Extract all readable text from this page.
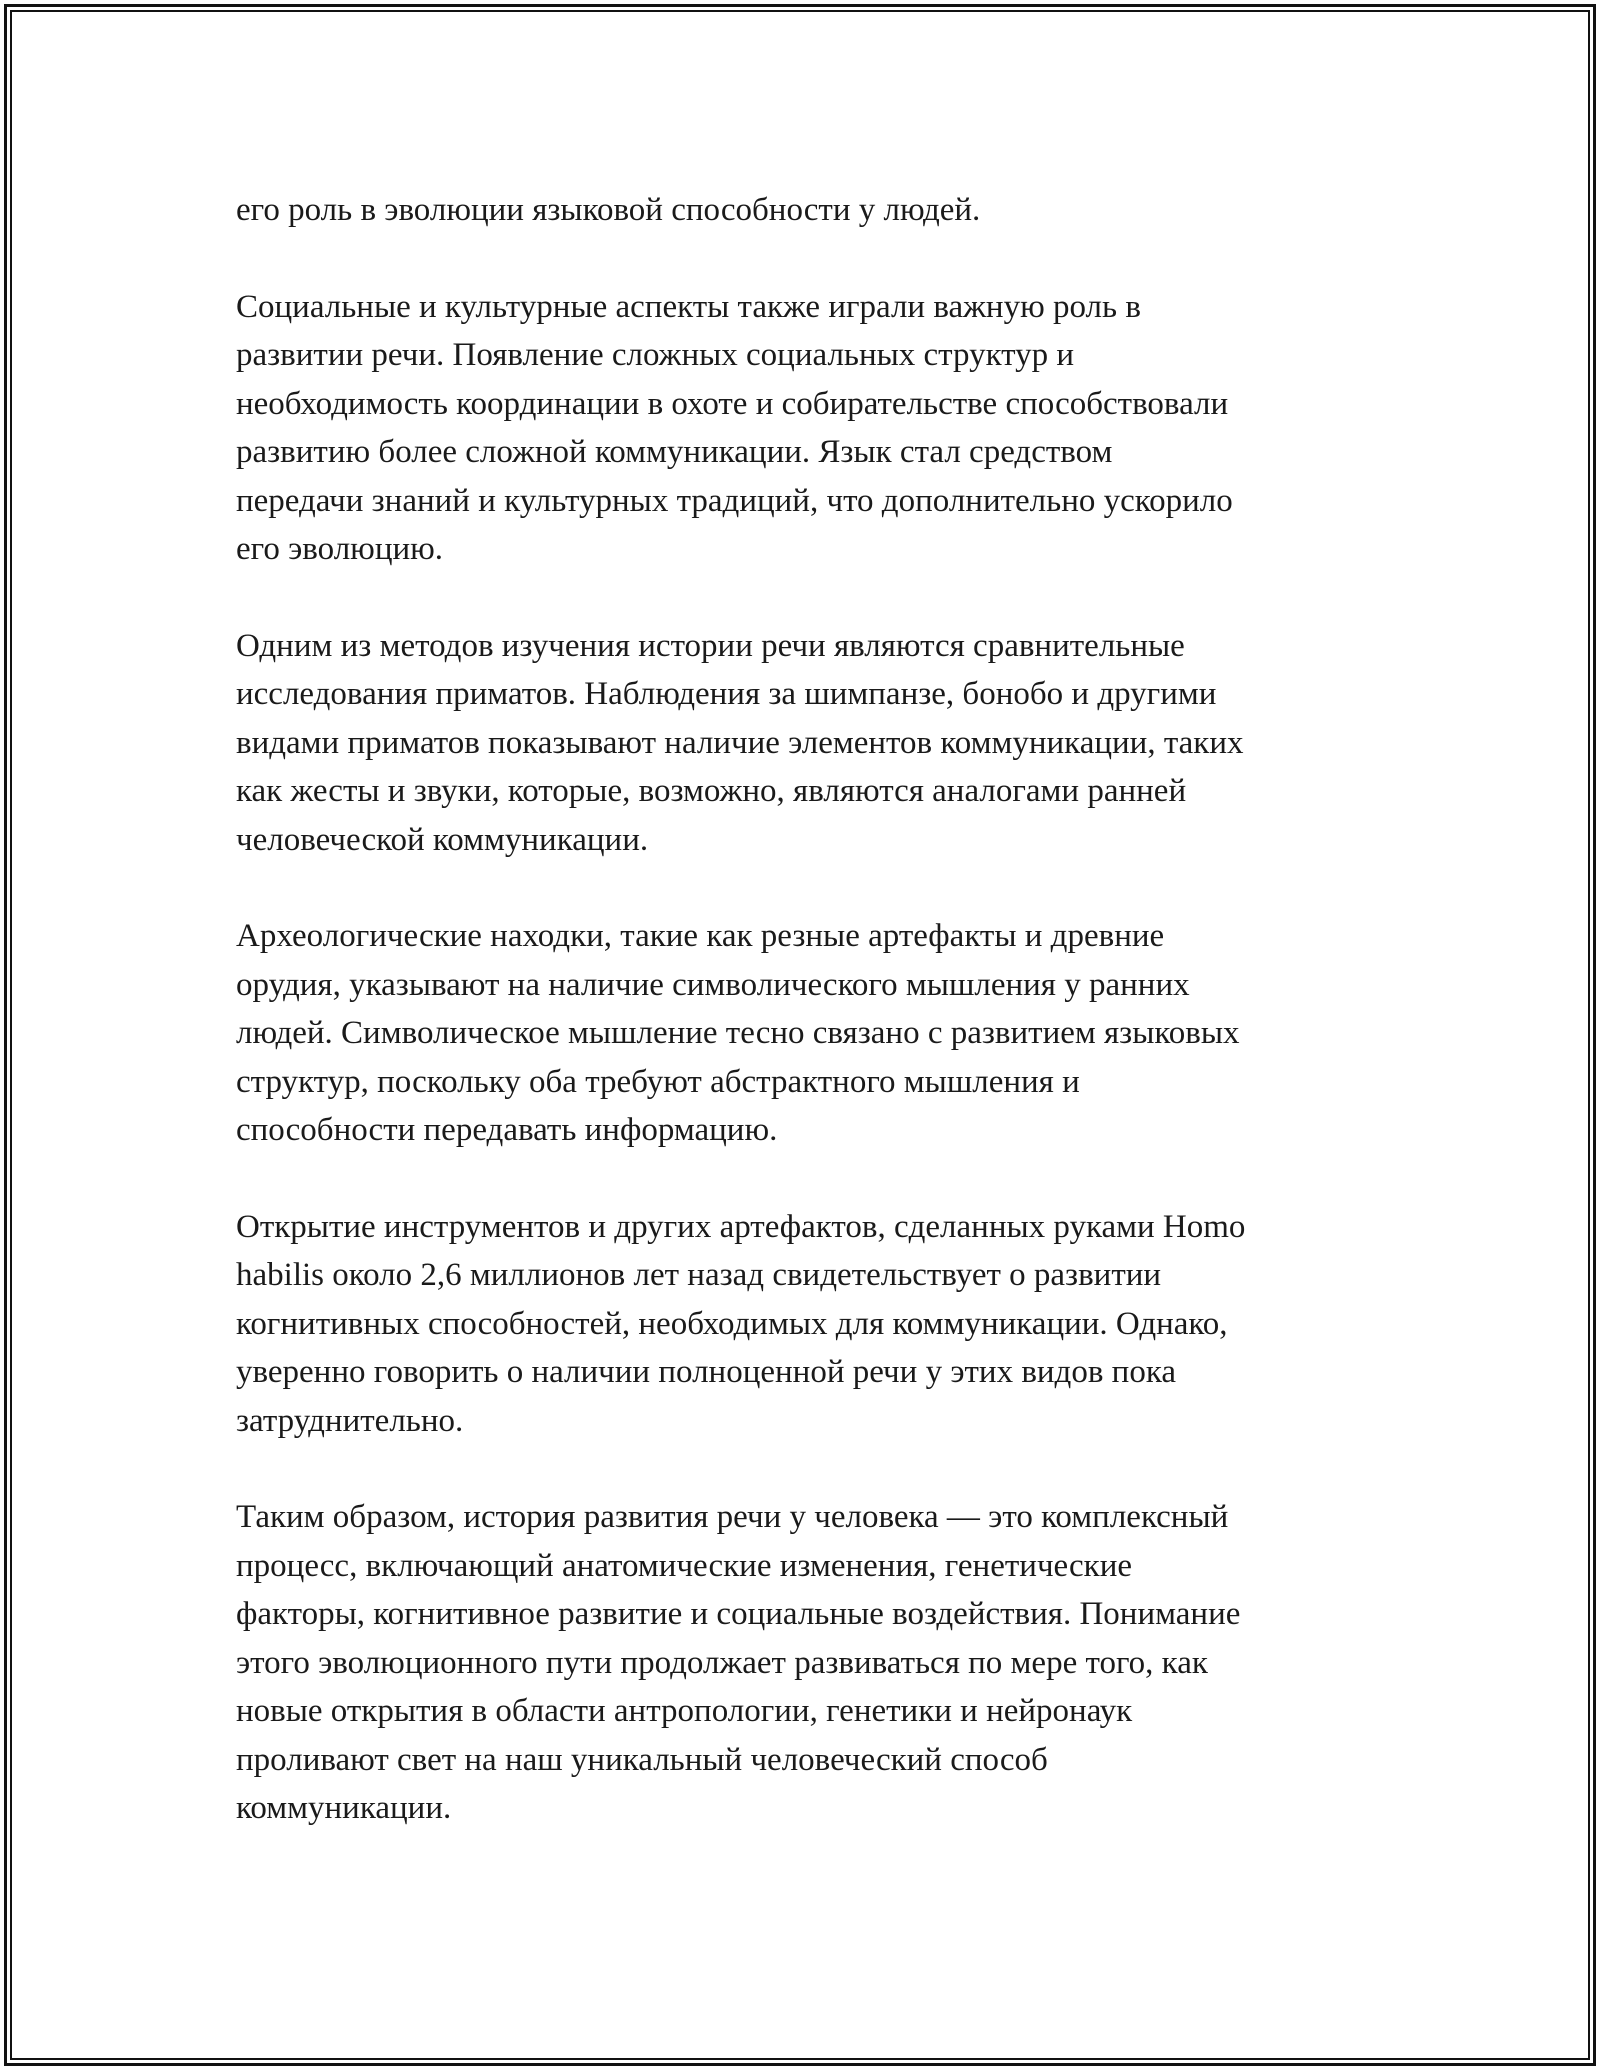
его роль в эволюции языковой способности у людей.

Социальные и культурные аспекты также играли важную роль в
развитии речи. Появление сложных социальных структур и
необходимость координации в охоте и собирательстве способствовали
развитию более сложной коммуникации. Язык стал средством
передачи знаний и культурных традиций, что дополнительно ускорило
его эволюцию.

Одним из методов изучения истории речи являются сравнительные
исследования приматов. Наблюдения за шимпанзе, бонобо и другими
видами приматов показывают наличие элементов коммуникации, таких
как жесты и звуки, которые, возможно, являются аналогами ранней
человеческой коммуникации.

Археологические находки, такие как резные артефакты и древние
орудия, указывают на наличие символического мышления у ранних
людей. Символическое мышление тесно связано с развитием языковых
структур, поскольку оба требуют абстрактного мышления и
способности передавать информацию.

Открытие инструментов и других артефактов, сделанных руками Homo
habilis около 2,6 миллионов лет назад свидетельствует о развитии
когнитивных способностей, необходимых для коммуникации. Однако,
уверенно говорить о наличии полноценной речи у этих видов пока
затруднительно.

Таким образом, история развития речи у человека — это комплексный
процесс, включающий анатомические изменения, генетические
факторы, когнитивное развитие и социальные воздействия. Понимание
этого эволюционного пути продолжает развиваться по мере того, как
новые открытия в области антропологии, генетики и нейронаук
проливают свет на наш уникальный человеческий способ
коммуникации.
